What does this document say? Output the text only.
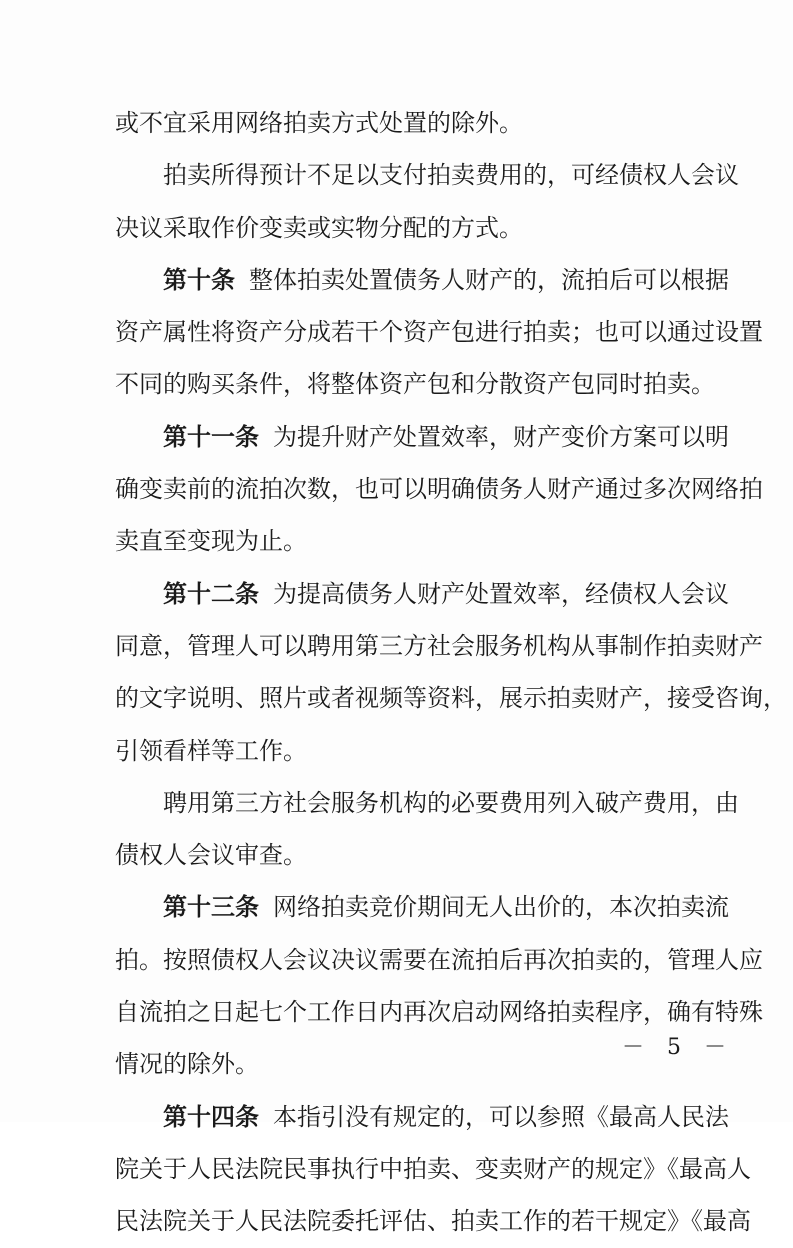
或不宜采用网络拍卖方式处置的除外。
拍卖所得预计不足以支付拍卖费用的，可经债权人会议
决议采取作价变卖或实物分配的方式。
第十条 整体拍卖处置债务人财产的，流拍后可以根据
资产属性将资产分成若干个资产包进行拍卖；也可以通过设置
不同的购买条件，将整体资产包和分散资产包同时拍卖。
第十一条 为提升财产处置效率，财产变价方案可以明
确变卖前的流拍次数，也可以明确债务人财产通过多次网络拍
卖直至变现为止。
第十二条 为提高债务人财产处置效率，经债权人会议
同意，管理人可以聘用第三方社会服务机构从事制作拍卖财产
的文字说明、照片或者视频等资料，展示拍卖财产，接受咨询，
引领看样等工作。
聘用第三方社会服务机构的必要费用列入破产费用，由
债权人会议审查。
第十三条 网络拍卖竞价期间无人出价的，本次拍卖流
拍。按照债权人会议决议需要在流拍后再次拍卖的，管理人应
自流拍之日起七个工作日内再次启动网络拍卖程序，确有特殊
情况的除外。
第十四条 本指引没有规定的，可以参照《最高人民法
院关于人民法院民事执行中拍卖、变卖财产的规定》《最高人
民法院关于人民法院委托评估、拍卖工作的若干规定》《最高
－ 5 －
